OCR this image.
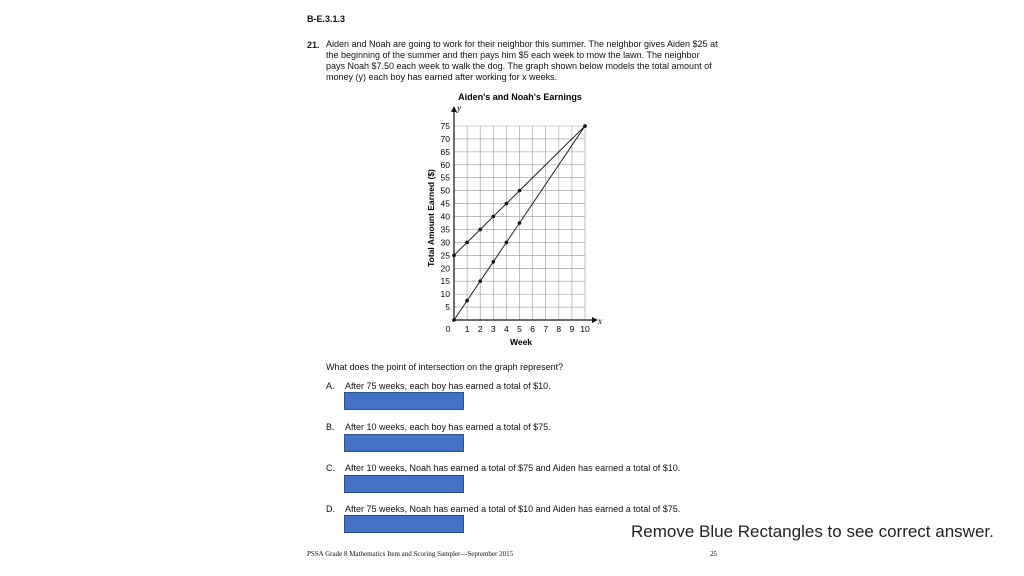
B-E.3.1.3
21. Aiden and Noah are going to work for their neighbor this summer. The neighbor gives Aiden $25 at the beginning of the summer and then pays him $5 each week to mow the lawn. The neighbor pays Noah $7.50 each week to walk the dog. The graph shown below models the total amount of money (y) each boy has earned after working for x weeks.
Aiden's and Noah's Earnings
5
10
15
20
25
30
35
40
45
50
55
60
65
70
75
0 1 2 3 4 5 6 7 8 9 10
y
x
Week
Total Amount Earned ($)
What does the point of intersection on the graph represent?
A. After 75 weeks, each boy has earned a total of $10.
B. After 10 weeks, each boy has earned a total of $75.
C. After 10 weeks, Noah has earned a total of $75 and Aiden has earned a total of $10.
D. After 75 weeks, Noah has earned a total of $10 and Aiden has earned a total of $75.
Remove Blue Rectangles to see correct answer.
PSSA Grade 8 Mathematics Item and Scoring Sampler—September 2015	25
